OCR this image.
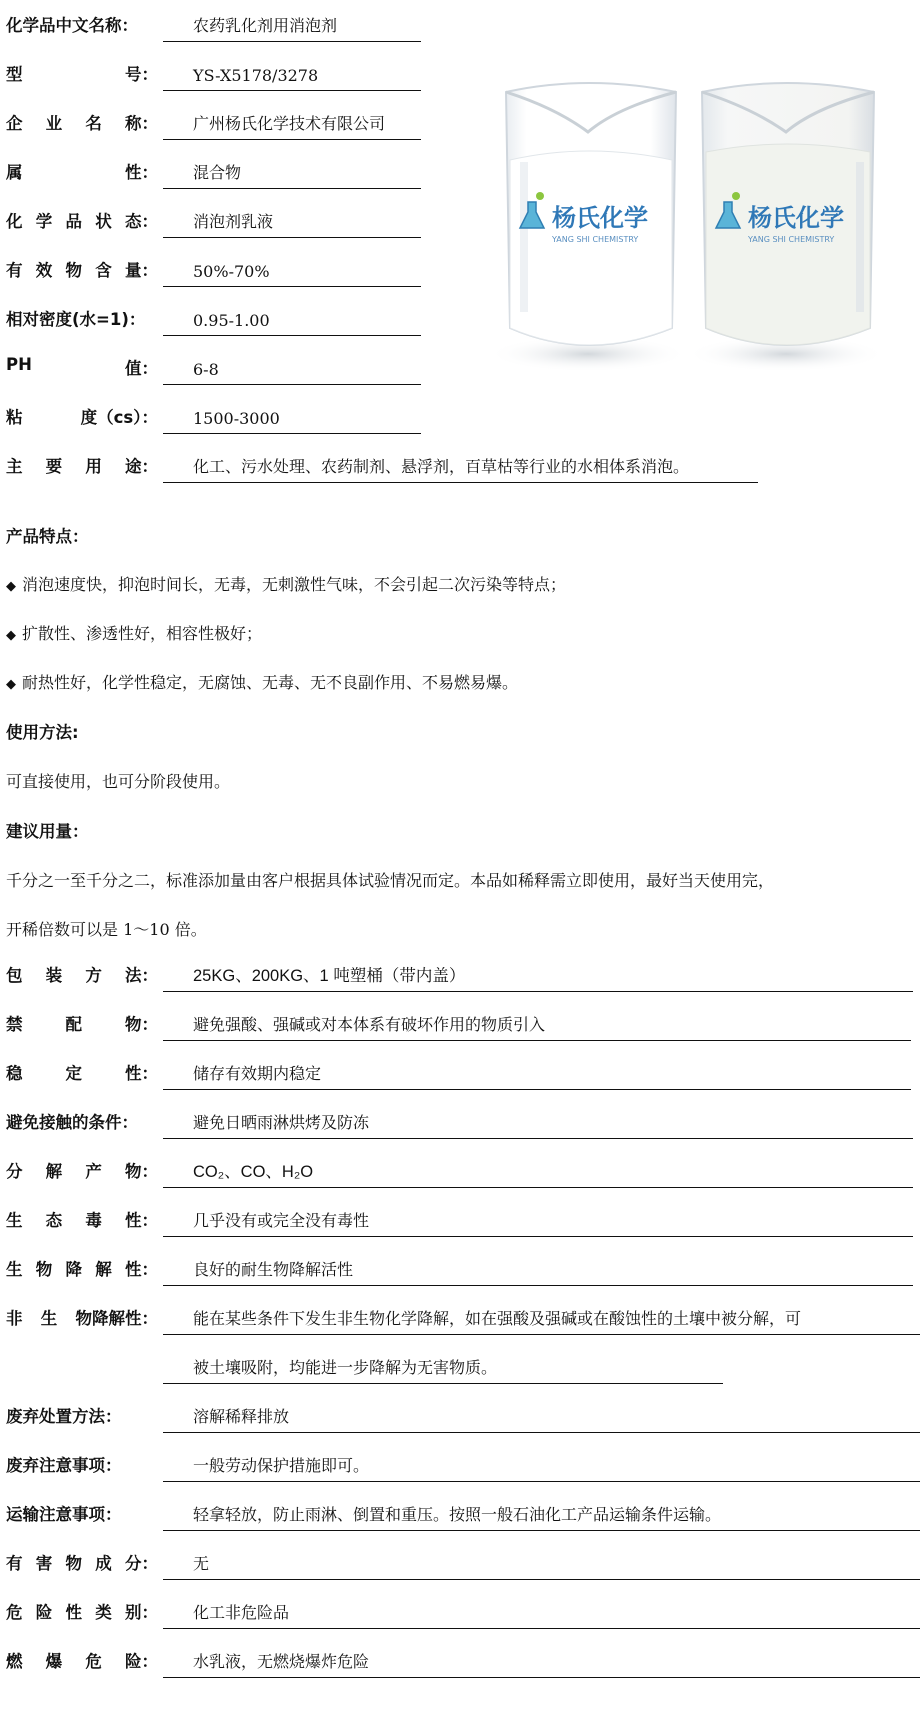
化学品中文名称：	农药乳化剂用消泡剂
型	号：	YS-X5178/3278
企 业 名 称：	广州杨氏化学技术有限公司
属	性：	混合物
化 学 品 状 态：	消泡剂乳液
有 效 物 含 量：	50%-70%
相对密度(水=1)：	0.95-1.00
PH	值：	6-8
粘	度（cs）：	1500-3000
主 要 用 途：	化工、污水处理、农药制剂、悬浮剂，百草枯等行业的水相体系消泡。
杨氏化学
YANG SHI CHEMISTRY
杨氏化学
YANG SHI CHEMISTRY
产品特点：
◆ 消泡速度快，抑泡时间长，无毒，无刺激性气味，不会引起二次污染等特点；
◆ 扩散性、渗透性好，相容性极好；
◆ 耐热性好，化学性稳定，无腐蚀、无毒、无不良副作用、不易燃易爆。
使用方法:
可直接使用，也可分阶段使用。
建议用量：
千分之一至千分之二，标准添加量由客户根据具体试验情况而定。本品如稀释需立即使用，最好当天使用完，
开稀倍数可以是 1～10 倍。
包 装 方 法：	25KG、200KG、1 吨塑桶（带内盖）
禁	配	物：	避免强酸、强碱或对本体系有破坏作用的物质引入
稳	定	性：	储存有效期内稳定
避免接触的条件：	避免日晒雨淋烘烤及防冻
分 解 产 物：	CO₂、CO、H₂O
生 态 毒 性：	几乎没有或完全没有毒性
生 物 降 解 性：	良好的耐生物降解活性
非 生 物降解性：	能在某些条件下发生非生物化学降解，如在强酸及强碱或在酸蚀性的土壤中被分解，可
被土壤吸附，均能进一步降解为无害物质。
废弃处置方法：	溶解稀释排放
废弃注意事项：	一般劳动保护措施即可。
运输注意事项：	轻拿轻放，防止雨淋、倒置和重压。按照一般石油化工产品运输条件运输。
有 害 物 成 分：	无
危 险 性 类 别：	化工非危险品
燃 爆 危 险：	水乳液，无燃烧爆炸危险
